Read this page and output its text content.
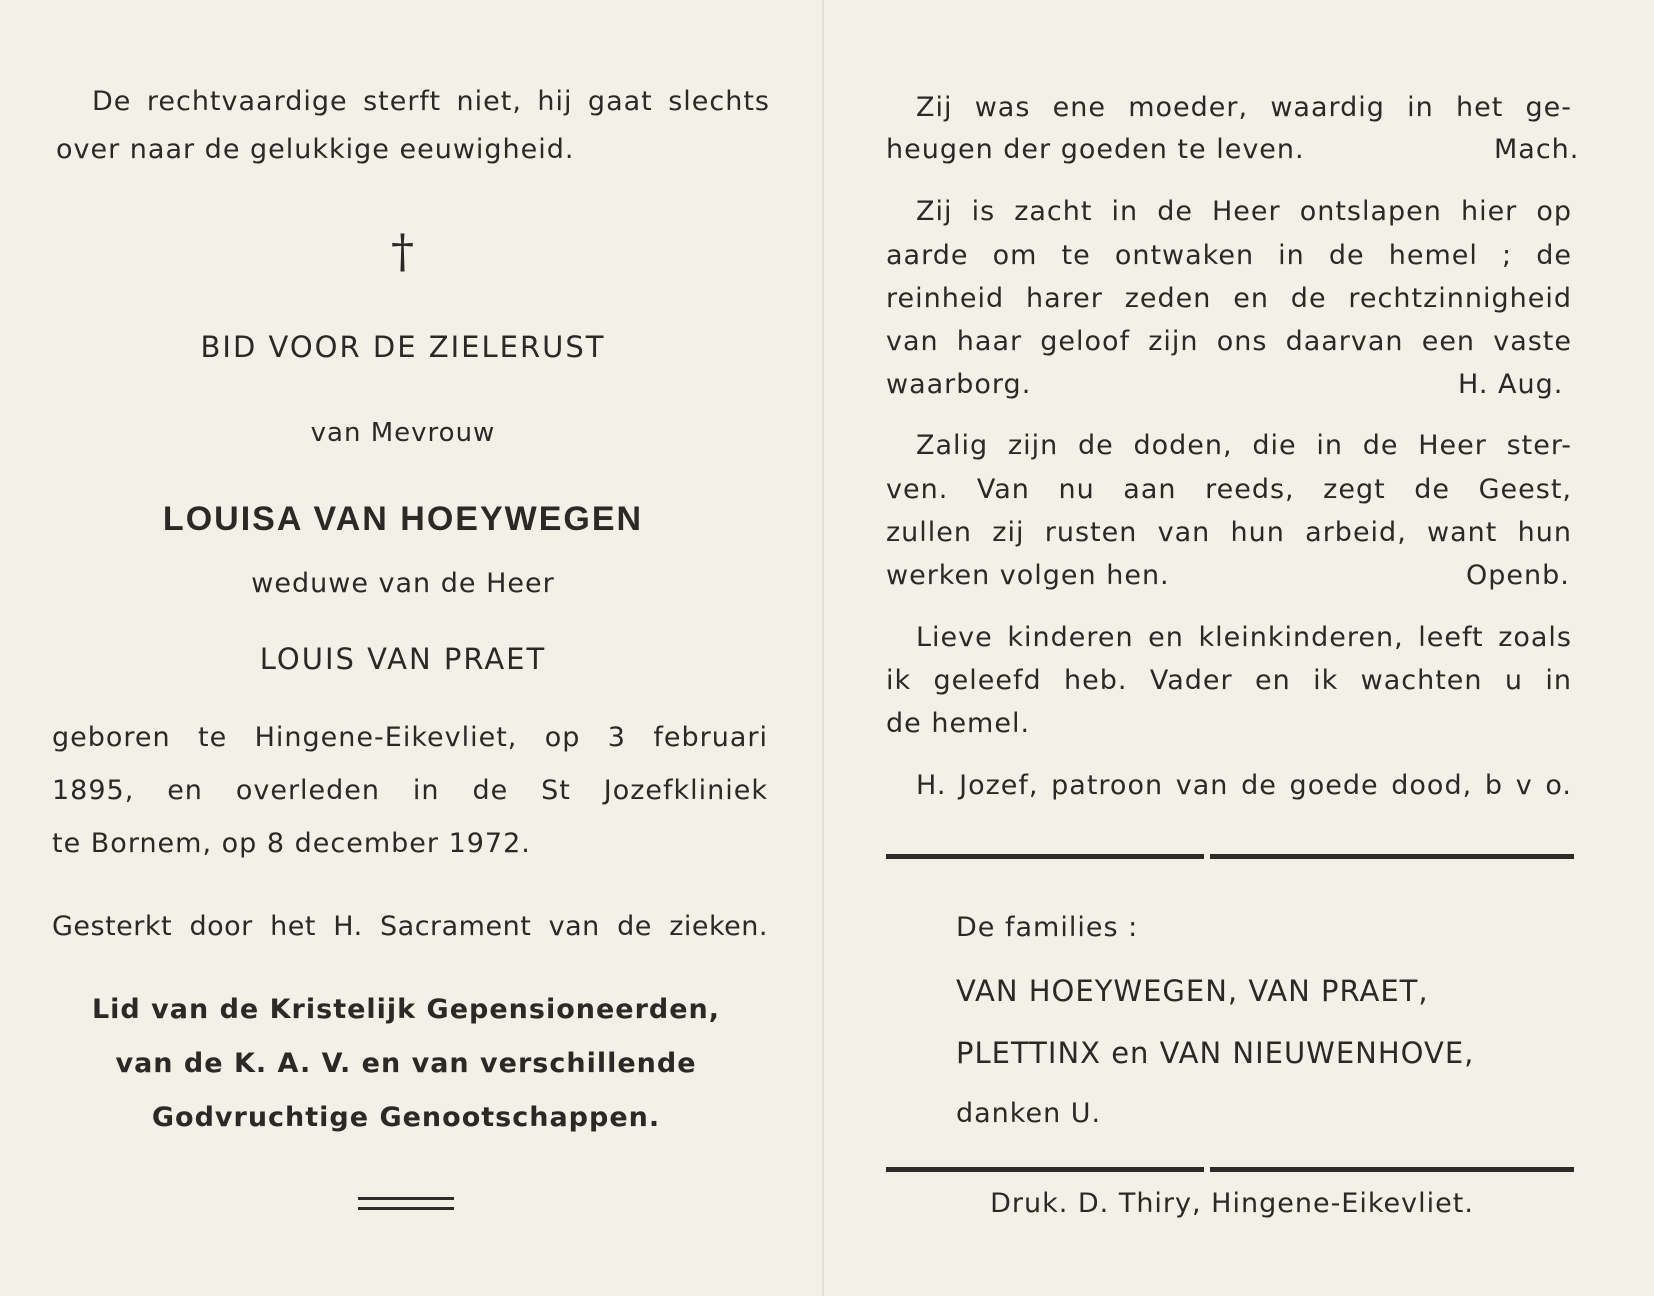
De rechtvaardige sterft niet, hij gaat slechts
over naar de gelukkige eeuwigheid.
†
BID VOOR DE ZIELERUST
van Mevrouw
LOUISA VAN HOEYWEGEN
weduwe van de Heer
LOUIS VAN PRAET
geboren te Hingene-Eikevliet, op 3 februari
1895, en overleden in de St Jozefkliniek
te Bornem, op 8 december 1972.
Gesterkt door het H. Sacrament van de zieken.
Lid van de Kristelijk Gepensioneerden,
van de K. A. V. en van verschillende
Godvruchtige Genootschappen.
Zij was ene moeder, waardig in het ge-
heugen der goeden te leven.	Mach.
Zij is zacht in de Heer ontslapen hier op
aarde om te ontwaken in de hemel ; de
reinheid harer zeden en de rechtzinnigheid
van haar geloof zijn ons daarvan een vaste
waarborg.	H. Aug.
Zalig zijn de doden, die in de Heer ster-
ven. Van nu aan reeds, zegt de Geest,
zullen zij rusten van hun arbeid, want hun
werken volgen hen.	Openb.
Lieve kinderen en kleinkinderen, leeft zoals
ik geleefd heb. Vader en ik wachten u in
de hemel.
H. Jozef, patroon van de goede dood, b v o.
De families :
VAN HOEYWEGEN, VAN PRAET,
PLETTINX en VAN NIEUWENHOVE,
danken U.
Druk. D. Thiry, Hingene-Eikevliet.
